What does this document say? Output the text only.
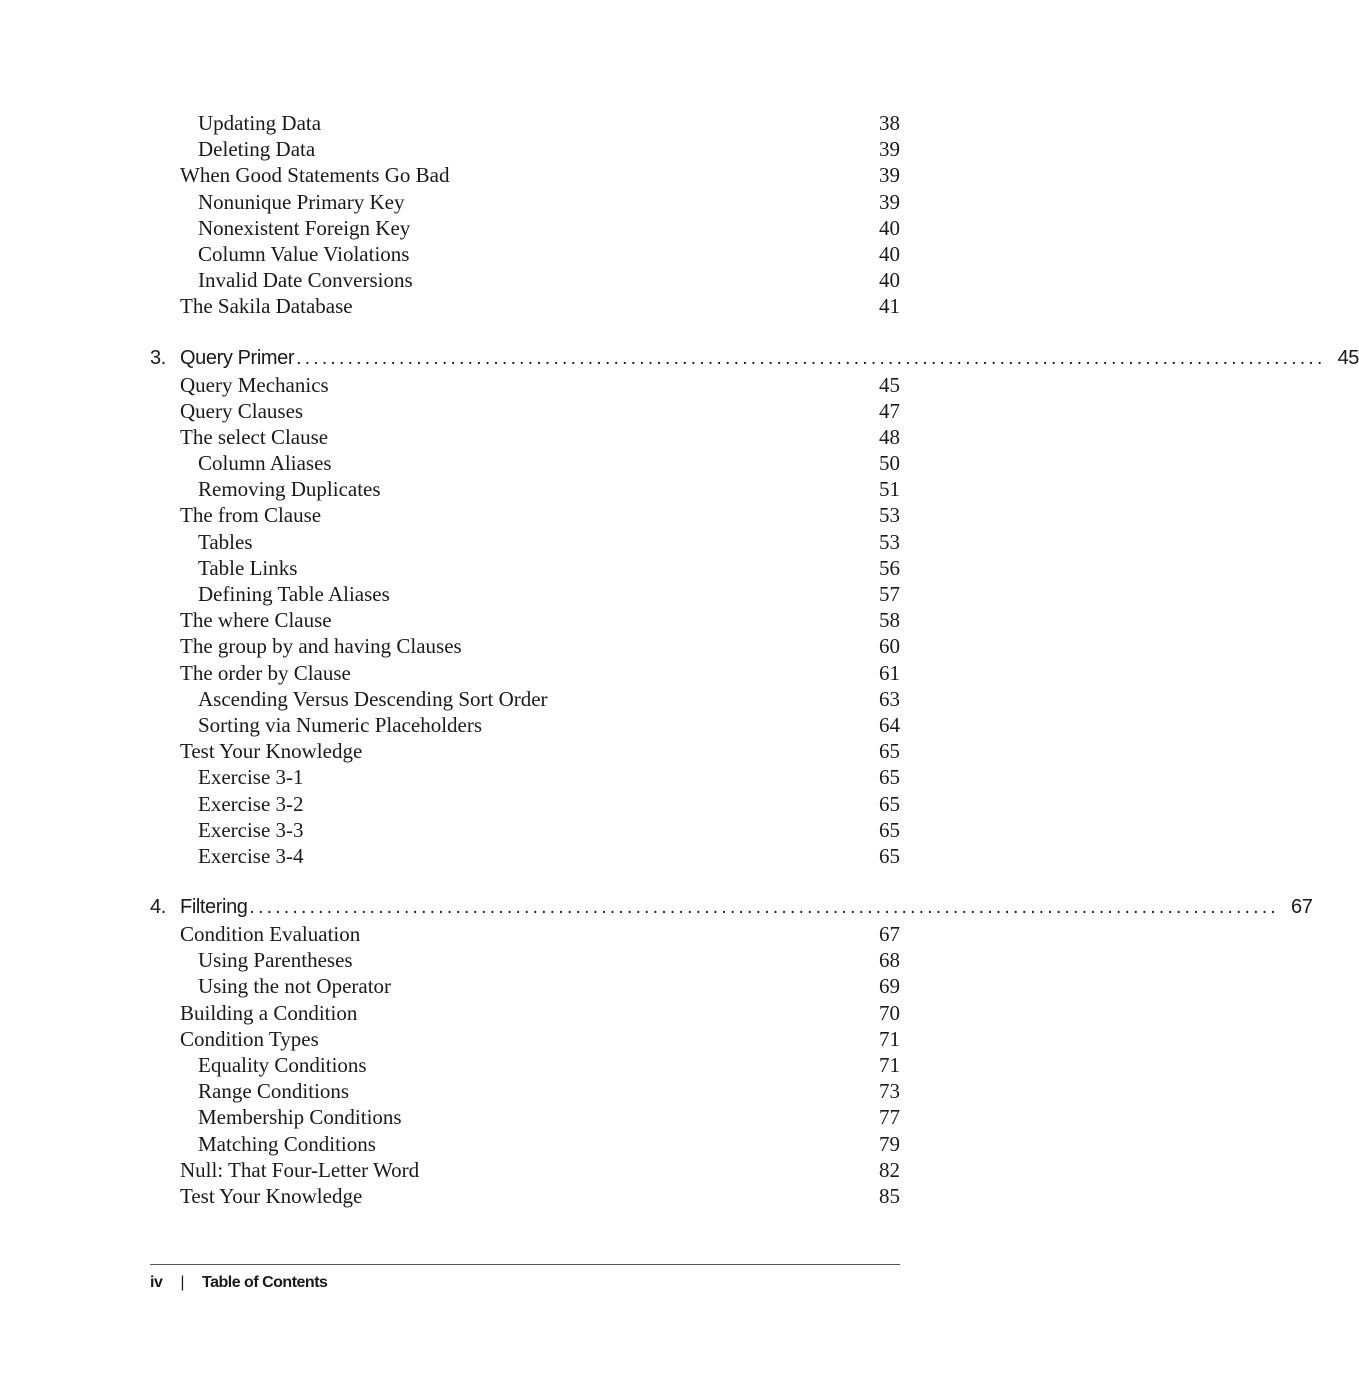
Updating Data	38
Deleting Data	39
When Good Statements Go Bad	39
Nonunique Primary Key	39
Nonexistent Foreign Key	40
Column Value Violations	40
Invalid Date Conversions	40
The Sakila Database	41
3. Query Primer ........................................................................................................................ 45
Query Mechanics	45
Query Clauses	47
The select Clause	48
Column Aliases	50
Removing Duplicates	51
The from Clause	53
Tables	53
Table Links	56
Defining Table Aliases	57
The where Clause	58
The group by and having Clauses	60
The order by Clause	61
Ascending Versus Descending Sort Order	63
Sorting via Numeric Placeholders	64
Test Your Knowledge	65
Exercise 3-1	65
Exercise 3-2	65
Exercise 3-3	65
Exercise 3-4	65
4. Filtering ........................................................................................................................ 67
Condition Evaluation	67
Using Parentheses	68
Using the not Operator	69
Building a Condition	70
Condition Types	71
Equality Conditions	71
Range Conditions	73
Membership Conditions	77
Matching Conditions	79
Null: That Four-Letter Word	82
Test Your Knowledge	85
iv | Table of Contents
